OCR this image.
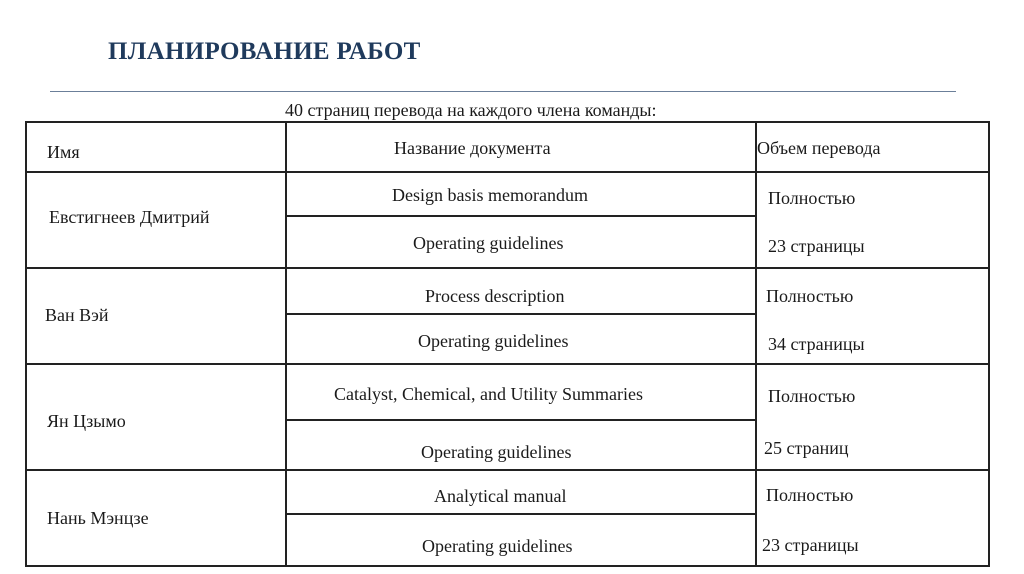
ПЛАНИРОВАНИЕ РАБОТ
40 страниц перевода на каждого члена команды:
Имя	Название документа	Объем перевода
Евстигнеев Дмитрий
Design basis memorandum	Полностью
Operating guidelines	23 страницы
Ван Вэй
Process description	Полностью
Operating guidelines	34 страницы
Ян Цзымо
Catalyst, Chemical, and Utility Summaries	Полностью
Operating guidelines	25 страниц
Нань Мэнцзе
Analytical manual	Полностью
Operating guidelines	23 страницы
